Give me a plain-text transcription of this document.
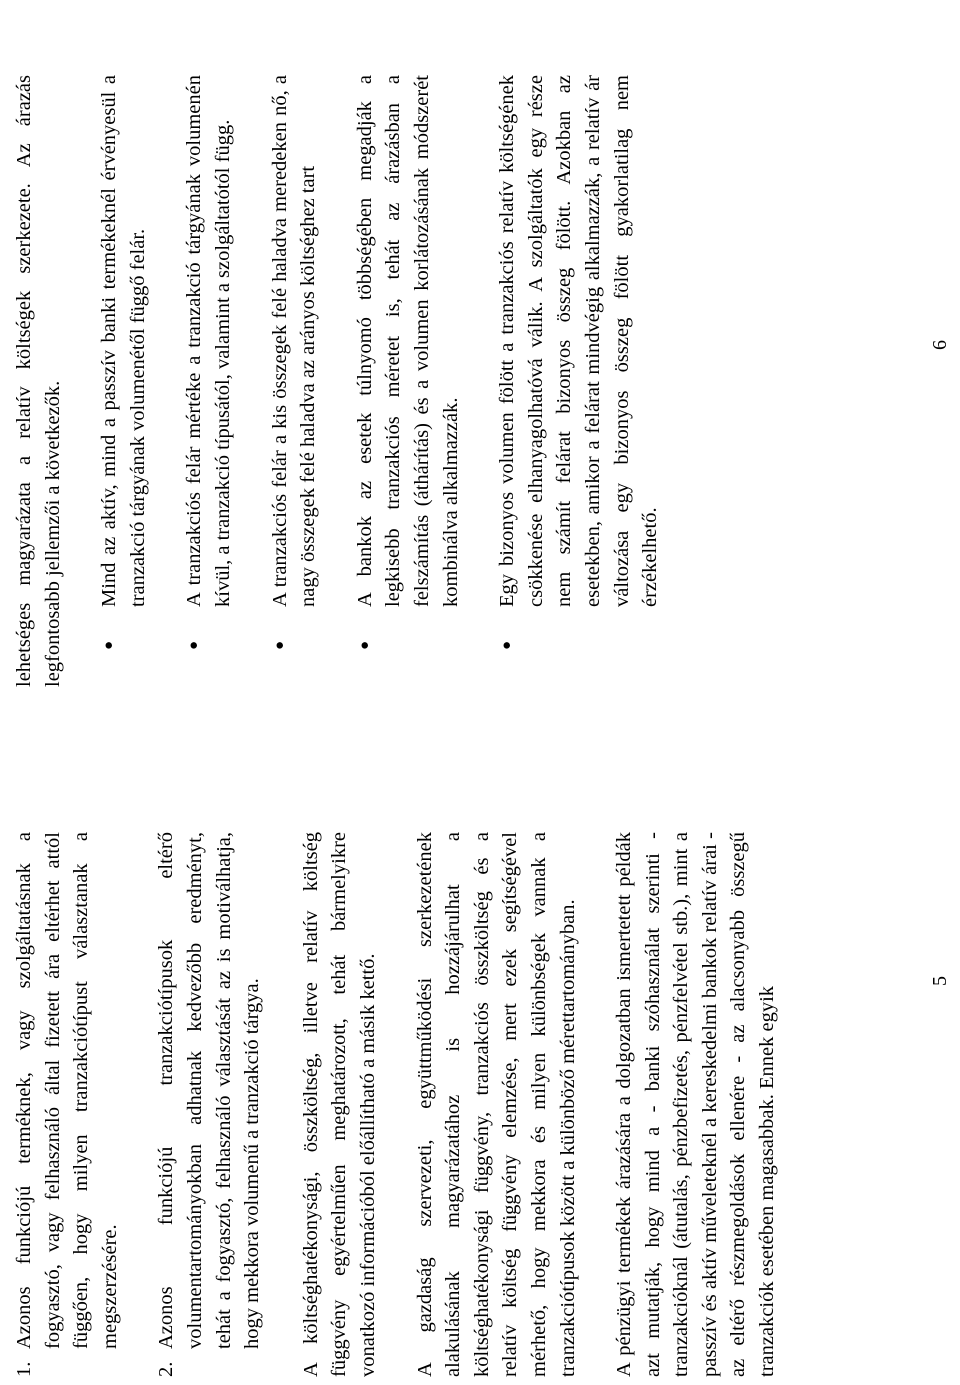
1.

Azonos funkciójú terméknek, vagy szolgáltatásnak a fogyasztó, vagy felhasználó által fizetett ára eltérhet attól függően, hogy milyen tranzakciótípust választanak a megszerzésére.

2.

Azonos funkciójú tranzakciótípusok eltérő volumentartományokban adhatnak kedvezőbb eredményt, tehát a fogyasztó, felhasználó választását az is motiválhatja, hogy mekkora volumenű a tranzakció tárgya. A költséghatékonysági, összköltség, illetve relatív költség függvény egyértelműen meghatározott, tehát bármelyikre vonatkozó információból előállítható a másik kettő. A gazdaság szervezeti, együttműködési szerkezetének alakulásának magyarázatához is hozzájárulhat a költséghatékonysági függvény, tranzakciós összköltség és a relatív költség függvény elemzése, mert ezek segítségével mérhető, hogy mekkora és milyen különbségek vannak a tranzakciótípusok között a különböző mérettartományban. A pénzügyi termékek árazására a dolgozatban ismertetett példák azt mutatják, hogy mind a - banki szóhasználat szerinti - tranzakcióknál (átutalás, pénzbefizetés, pénzfelvétel stb.), mint a passzív és aktív műveleteknél a kereskedelmi bankok relatív árai - az eltérő részmegoldások ellenére - az alacsonyabb összegű tranzakciók esetében magasabbak. Ennek egyik

5

lehetséges magyarázata a relatív költségek szerkezete. Az árazás legfontosabb jellemzői a következők.	●

Mind az aktív, mind a passzív banki termékeknél érvényesül a tranzakció tárgyának volumenétől függő felár.

●

A tranzakciós felár mértéke a tranzakció tárgyának volumenén kívül, a tranzakció típusától, valamint a szolgáltatótól függ.

●

A tranzakciós felár a kis összegek felé haladva meredeken nő, a nagy összegek felé haladva az arányos költséghez tart

●

A bankok az esetek túlnyomó többségében megadják a legkisebb tranzakciós méretet is, tehát az árazásban a felszámítás (áthárítás) és a volumen korlátozásának módszerét kombinálva alkalmazzák.

●

Egy bizonyos volumen fölött a tranzakciós relatív költségének csökkenése elhanyagolhatóvá válik. A szolgáltatók egy része nem számít felárat bizonyos összeg fölött. Azokban az esetekben, amikor a felárat mindvégig alkalmazzák, a relatív ár változása egy bizonyos összeg fölött gyakorlatilag nem érzékelhető.

6
